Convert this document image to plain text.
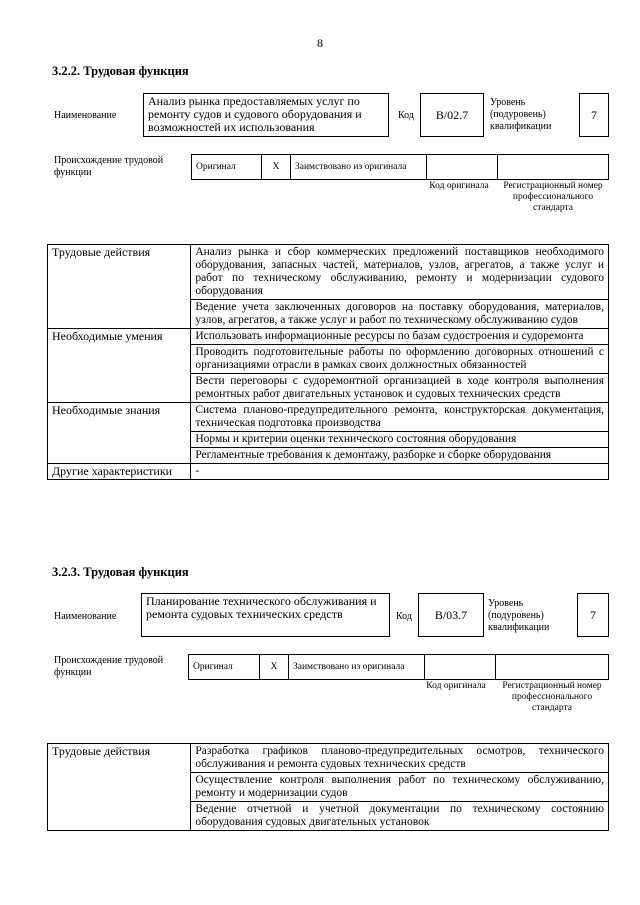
8
3.2.2. Трудовая функция
Наименование
Анализ рынка предоставляемых услуг по ремонту судов и судового оборудования и возможностей их использования
Код	В/02.7
Уровень (подуровень) квалификации
7
Происхождение трудовой функции
Оригинал	X	Заимствовано из оригинала		
Код оригинала	Регистрационный номер профессионального стандарта
Трудовые действия	Анализ рынка и сбор коммерческих предложений поставщиков необходимого оборудования, запасных частей, материалов, узлов, агрегатов, а также услуг и работ по техническому обслуживанию, ремонту и модернизации судового оборудования
	Ведение учета заключенных договоров на поставку оборудования, материалов, узлов, агрегатов, а также услуг и работ по техническому обслуживанию судов
Необходимые умения	Использовать информационные ресурсы по базам судостроения и судоремонта
	Проводить подготовительные работы по оформлению договорных отношений с организациями отрасли в рамках своих должностных обязанностей
	Вести переговоры с судоремонтной организацией в ходе контроля выполнения ремонтных работ двигательных установок и судовых технических средств
Необходимые знания	Система планово-предупредительного ремонта, конструкторская документация, техническая подготовка производства
	Нормы и критерии оценки технического состояния оборудования
	Регламентные требования к демонтажу, разборке и сборке оборудования
Другие характеристики	-
3.2.3. Трудовая функция
Наименование
Планирование технического обслуживания и ремонта судовых технических средств	Код	В/03.7
Уровень (подуровень) квалификации
7
Происхождение трудовой функции
Оригинал	X	Заимствовано из оригинала		
Код оригинала	Регистрационный номер профессионального стандарта
Трудовые действия	Разработка графиков планово-предупредительных осмотров, технического обслуживания и ремонта судовых технических средств
Осуществление контроля выполнения работ по техническому обслуживанию, ремонту и модернизации судов
Ведение отчетной и учетной документации по техническому состоянию оборудования судовых двигательных установок
